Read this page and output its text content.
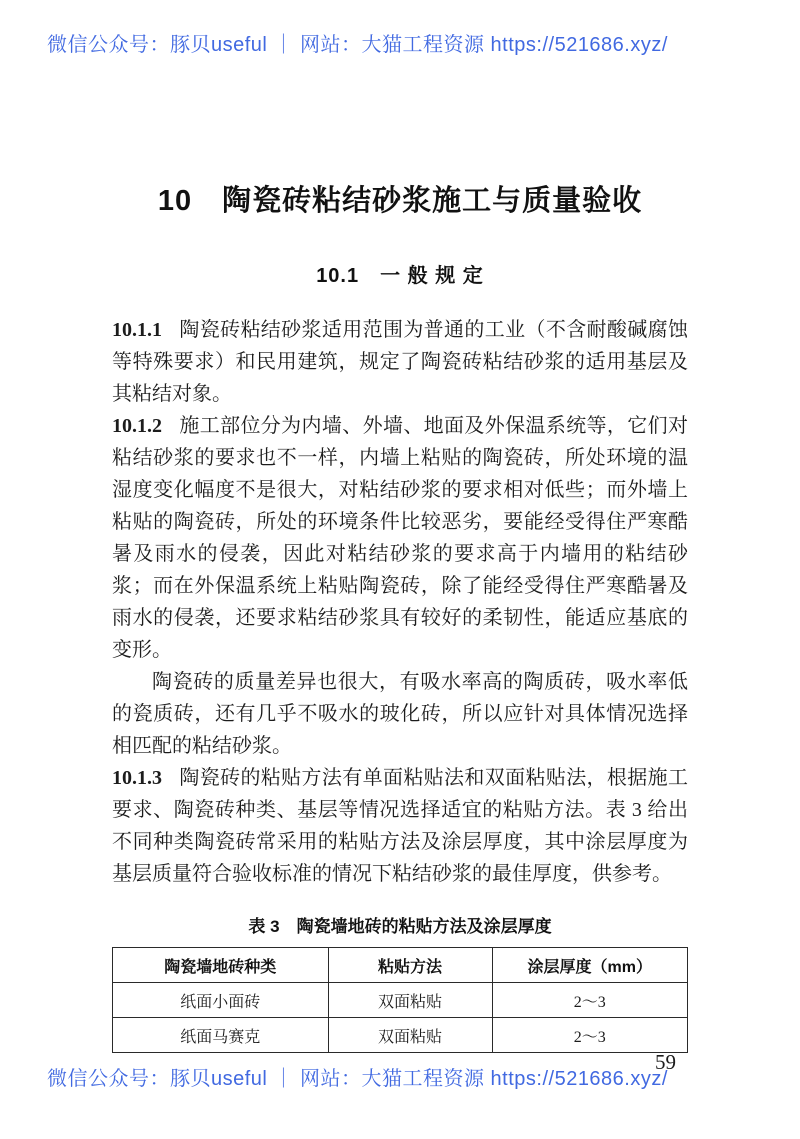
微信公众号：豚贝useful ｜ 网站：大猫工程资源 https://521686.xyz/
10　陶瓷砖粘结砂浆施工与质量验收
10.1　一 般 规 定

10.1.1 陶瓷砖粘结砂浆适用范围为普通的工业（不含耐酸碱腐蚀等特殊要求）和民用建筑，规定了陶瓷砖粘结砂浆的适用基层及其粘结对象。

10.1.2 施工部位分为内墙、外墙、地面及外保温系统等，它们对粘结砂浆的要求也不一样，内墙上粘贴的陶瓷砖，所处环境的温湿度变化幅度不是很大，对粘结砂浆的要求相对低些；而外墙上粘贴的陶瓷砖，所处的环境条件比较恶劣，要能经受得住严寒酷暑及雨水的侵袭，因此对粘结砂浆的要求高于内墙用的粘结砂浆；而在外保温系统上粘贴陶瓷砖，除了能经受得住严寒酷暑及雨水的侵袭，还要求粘结砂浆具有较好的柔韧性，能适应基底的变形。

陶瓷砖的质量差异也很大，有吸水率高的陶质砖，吸水率低的瓷质砖，还有几乎不吸水的玻化砖，所以应针对具体情况选择相匹配的粘结砂浆。

10.1.3 陶瓷砖的粘贴方法有单面粘贴法和双面粘贴法，根据施工要求、陶瓷砖种类、基层等情况选择适宜的粘贴方法。表 3 给出不同种类陶瓷砖常采用的粘贴方法及涂层厚度，其中涂层厚度为基层质量符合验收标准的情况下粘结砂浆的最佳厚度，供参考。

表 3　陶瓷墙地砖的粘贴方法及涂层厚度
陶瓷墙地砖种类	粘贴方法	涂层厚度（mm）
纸面小面砖	双面粘贴	2～3
纸面马赛克	双面粘贴	2～3
59
微信公众号：豚贝useful ｜ 网站：大猫工程资源 https://521686.xyz/
